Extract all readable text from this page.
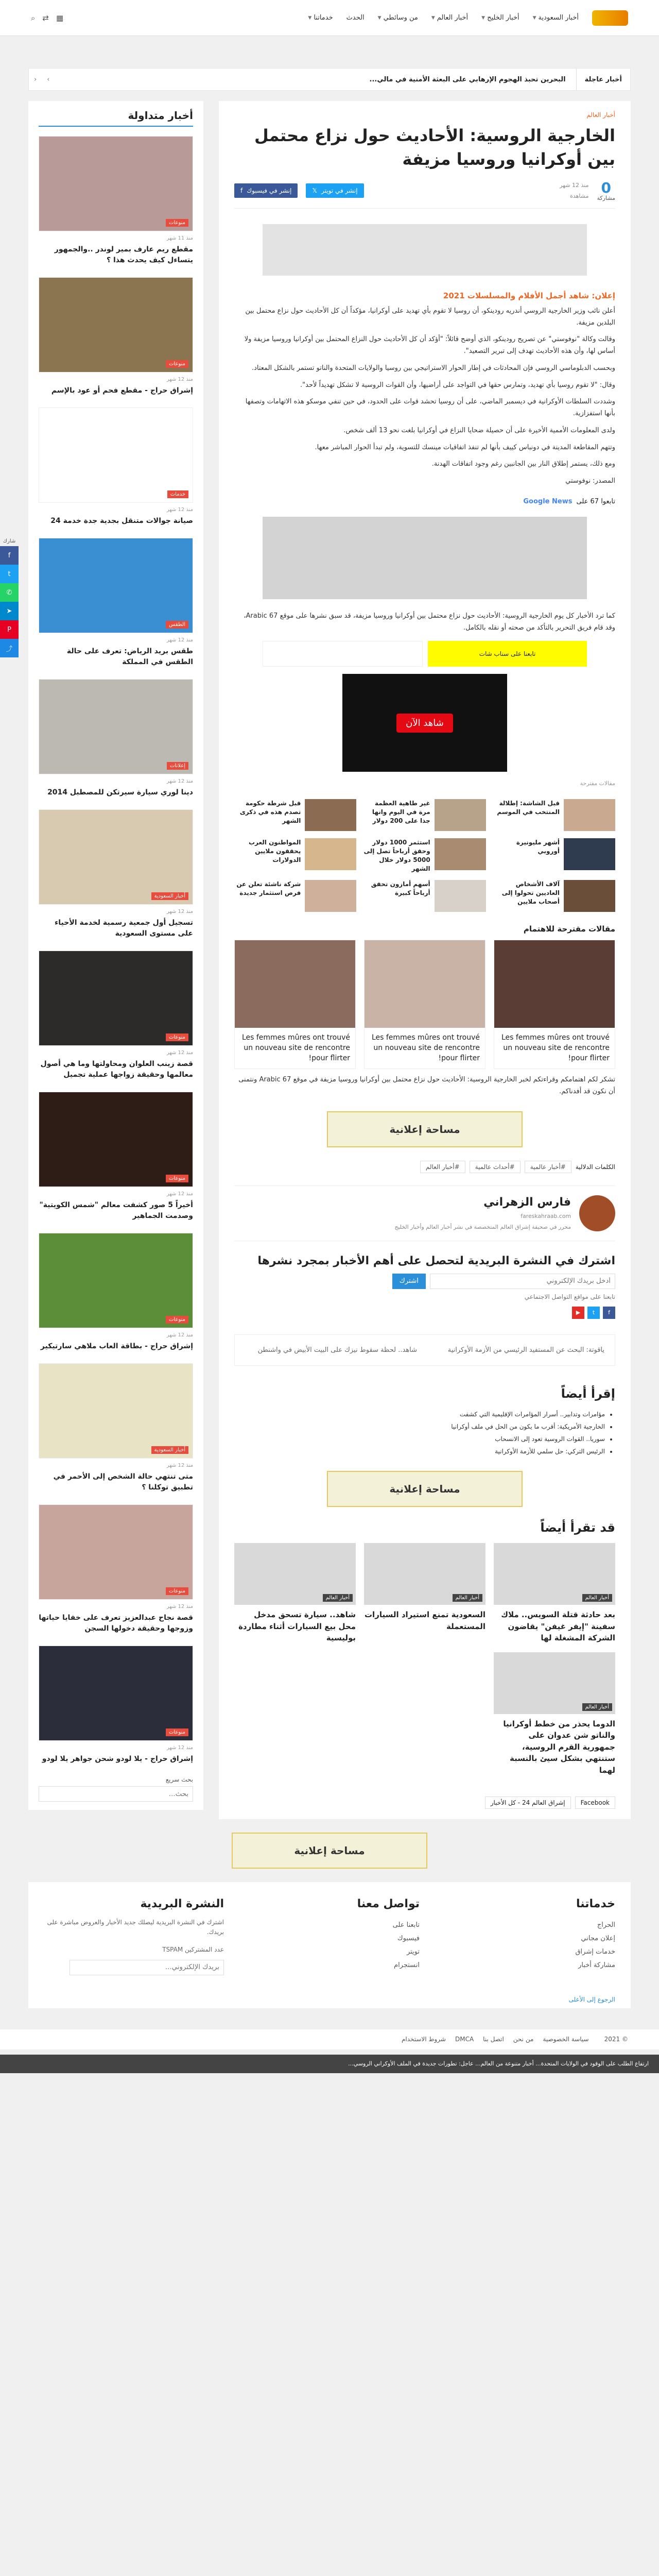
أخبار السعودية
▼
أخبار الخليج
▼
أخبار العالم
▼
من وسائطي
▼
الحدث
خدماتنا
▼
▦
⇄
⌕
أخبار عاجلة
البحرين تحبذ الهجوم الإرهابي على البعثة الأمنية في مالي...
›
‹
أخبار العالم
الخارجية الروسية: الأحاديث حول نزاع محتمل بين أوكرانيا وروسيا مزيفة
0
مشاركة
منذ 12 شهر
مشاهدة
إنشر في تويتر
𝕏
إنشر في فيسبوك
f
إعلان: شاهد أجمل الأفلام والمسلسلات 2021

أعلن نائب وزير الخارجية الروسي أندريه رودينكو، أن روسيا لا تقوم بأي تهديد على أوكرانيا، مؤكداً أن كل الأحاديث حول نزاع محتمل بين البلدين مزيفة.

وقالت وكالة "نوفوستي" عن تصريح رودينكو، الذي أوضح قائلاً: "أؤكد أن كل الأحاديث حول النزاع المحتمل بين أوكرانيا وروسيا مزيفة ولا أساس لها، وأن هذه الأحاديث تهدف إلى تبرير التصعيد".

وبحسب الدبلوماسي الروسي فإن المحادثات في إطار الحوار الاستراتيجي بين روسيا والولايات المتحدة والناتو تستمر بالشكل المعتاد.

وقال: "لا تقوم روسيا بأي تهديد، وتمارس حقها في التواجد على أراضيها، وأن القوات الروسية لا تشكل تهديداً لأحد".

وشددت السلطات الأوكرانية في ديسمبر الماضي، على أن روسيا تحشد قوات على الحدود، في حين تنفي موسكو هذه الاتهامات وتصفها بأنها استفزازية.

ولدى المعلومات الأممية الأخيرة على أن حصيلة ضحايا النزاع في أوكرانيا بلغت نحو 13 ألف شخص.

وتتهم المقاطعة المدينة في دونباس كييف بأنها لم تنفذ اتفاقيات مينسك للتسوية، ولم تبدأ الحوار المباشر معها.

ومع ذلك، يستمر إطلاق النار بين الجانبين رغم وجود اتفاقات الهدنة.

المصدر: نوفوستي

تابعوا 67 على
Google News

كما ترد الأخبار كل يوم الخارجية الروسية: الأحاديث حول نزاع محتمل بين أوكرانيا وروسيا مزيفة، قد سبق نشرها على موقع 67 Arabic، وقد قام فريق التحرير بالتأكد من صحته أو نقله بالكامل.

تابعنا على سناب شات
شاهد الآن
مقالات مقترحة
قبل الشاشة: إطلالة المنتخب في الموسم
غير طاهية العظمة مرة في اليوم وانها جذا على 200 دولار
قبل شرطة حكومة تصدم هذه في ذكرى الشهر
أشهر مليونيرة أوروبي
استثمر 1000 دولار وحقق أرباحاً تصل إلى 5000 دولار خلال الشهر
المواطنون العرب يحققون ملايين الدولارات
آلاف الأشخاص العاديين تحولوا إلى أصحاب ملايين
أسهم أمازون تحقق أرباحاً كبيرة
شركة ناشئة تعلن عن فرص استثمار جديدة
مقالات مقترحة للاهتمام

Les femmes mûres ont trouvé un nouveau site de rencontre pour flirter!

Les femmes mûres ont trouvé un nouveau site de rencontre pour flirter!

Les femmes mûres ont trouvé un nouveau site de rencontre pour flirter!

تشكر لكم اهتمامكم وقراءتكم لخبر الخارجية الروسية: الأحاديث حول نزاع محتمل بين أوكرانيا وروسيا مزيفة في موقع 67 Arabic ونتمنى أن نكون قد أفدناكم.

مساحة إعلانية
الكلمات الدلالية
#أخبار عالمية
#أحداث عالمية
#أخبار العالم
فارس الزهراني
fareskahraab.com
محرر في صحيفة إشراق العالم المتخصصة في نشر أخبار العالم وأخبار الخليج
اشترك في النشرة البريدية لتحصل على أهم الأخبار بمجرد نشرها
أدخل بريدك الإلكتروني
اشترك
تابعنا على مواقع التواصل الاجتماعي
f
t
▶
ياقوتة: البحث عن المستفيد الرئيسي من الأزمة الأوكرانية
شاهد.. لحظة سقوط نيزك على البيت الأبيض في واشنطن
إقرأ أيضاً
• مؤامرات وتدابير.. أسرار المؤامرات الإقليمية التي كشفت
• الخارجية الأمريكية: أقرب ما يكون من الحل في ملف أوكرانيا
• سوريا.. القوات الروسية تعود إلى الانسحاب
• الرئيس التركي: حل سلمي للأزمة الأوكرانية
مساحة إعلانية
قد تقرأ أيضاً
أخبار العالم

بعد حادثة قتلة السويس.. ملاك سفينة "إيفر غيفن" يقاضون الشركة المشغلة لها

أخبار العالم

السعودية تمنع استيراد السيارات المستعملة

أخبار العالم

شاهد.. سيارة تسحق مدخل محل بيع السيارات أثناء مطاردة بوليسية

أخبار العالم

الدوما يحذر من خطط أوكرانيا والناتو شن عدوان على جمهورية القرم الروسية، ستنتهي بشكل سيئ بالنسبة لهما

Facebook
إشراق العالم 24 - كل الأخبار
أخبار متداولة
منوعات
منذ 11 شهر

مقطع ريم عارف بمير لوندر ..والجمهور يتساءل كيف يحدث هذا ؟

منوعات
منذ 12 شهر

إشراق حراج - مقطع فحم أو عود بالإسم

خدمات
منذ 12 شهر

صيانة جوالات متنقل بجدية جدة خدمة 24

الطقس
منذ 12 شهر

طقس بريد الرياض: تعرف على حالة الطقس في المملكة

إعلانات
منذ 12 شهر

دينا لوري سيارة سيرتكن للمصطبل 2014

أخبار السعودية
منذ 12 شهر

تسجيل أول جمعية رسمية لخدمة الأحياء على مستوى السعودية

منوعات
منذ 12 شهر

قصة زينب العلوان ومحاولتها وما هي أصول معالمها وحقيقة زواجها عملية تجميل

منوعات
منذ 12 شهر

أخيراً 5 صور كشفت معالم "شمس الكويتية" وصدمت الجماهير

منوعات
منذ 12 شهر

إشراق حراج - بطاقة العاب ملاهي سارتيكير

أخبار السعودية
منذ 12 شهر

متى تنتهي حالة الشخص إلى الأحمر في تطبيق توكلنا ؟

منوعات
منذ 12 شهر

قصة نجاح عبدالعزيز تعرف على خفايا حياتها وزوجها وحقيقة دخولها السجن

منوعات
منذ 12 شهر

إشراق حراج - يلا لودو شحن جواهر يلا لودو

بحث سريع
بحث...
شارك
f
t
✆
➤
P
⤴
مساحة إعلانية
خدماتنا
الحراج
إعلان مجاني
خدمات إشراق
مشاركة أخبار
تواصل معنا
تابعنا على
فيسبوك
تويتر
انستجرام
النشرة البريدية

اشترك في النشرة البريدية ليصلك جديد الأخبار والعروض مباشرة على بريدك.

عدد المشتركين TSPAM

بريدك الإلكتروني...
الرجوع إلى الأعلى
© 2021
سياسة الخصوصية
من نحن
اتصل بنا
DMCA
شروط الاستخدام
ارتفاع الطلب على الوقود في الولايات المتحدة... أخبار متنوعة من العالم... عاجل: تطورات جديدة في الملف الأوكراني الروسي...
